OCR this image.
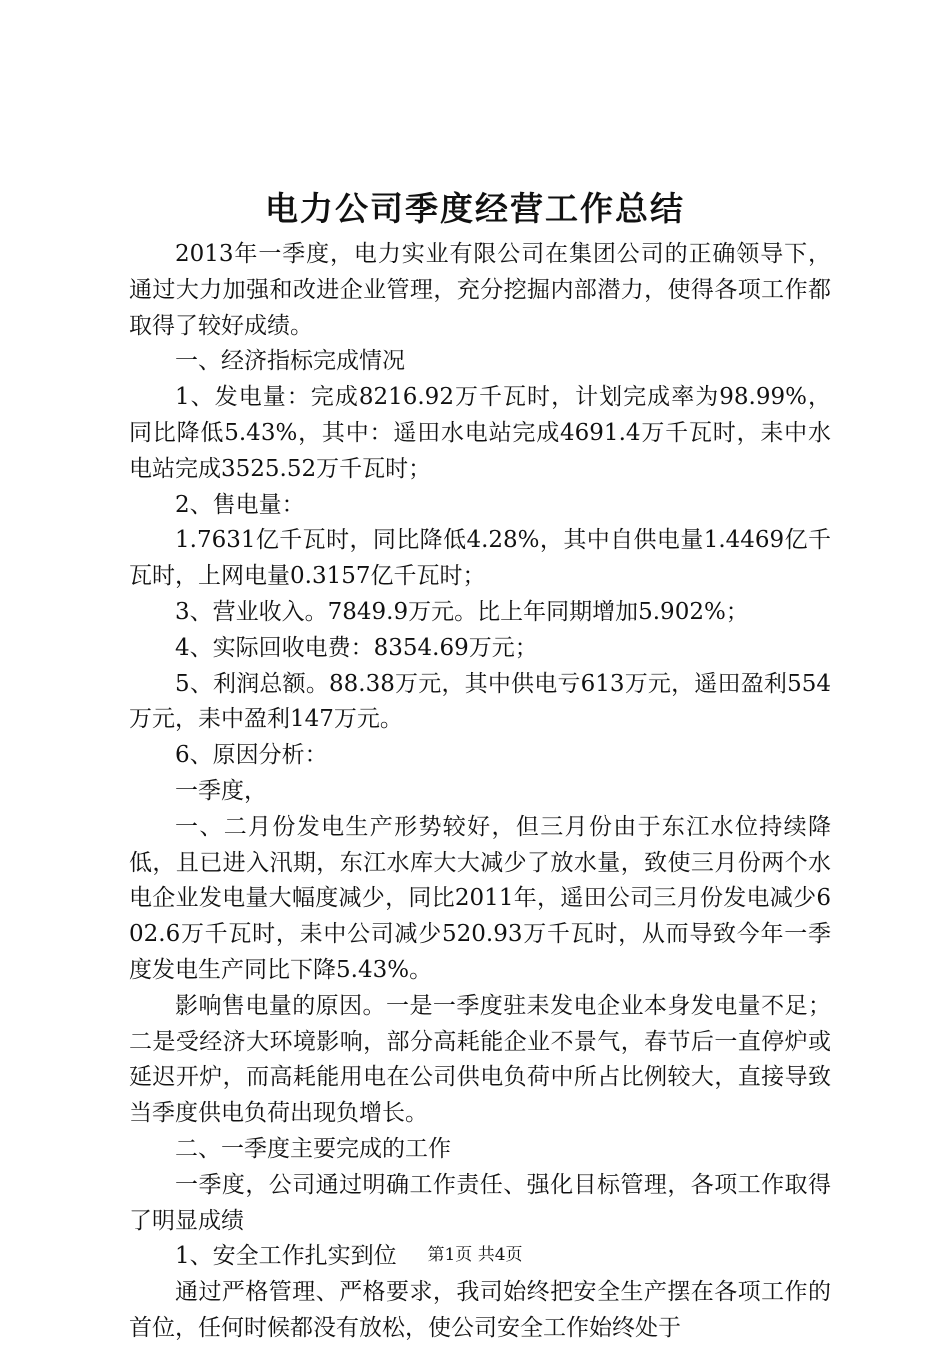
电力公司季度经营工作总结

2013年一季度，电力实业有限公司在集团公司的正确领导下，通过大力加强和改进企业管理，充分挖掘内部潜力，使得各项工作都取得了较好成绩。

一、经济指标完成情况

1、发电量：完成8216.92万千瓦时，计划完成率为98.99%，同比降低5.43%，其中：遥田水电站完成4691.4万千瓦时，耒中水电站完成3525.52万千瓦时；

2、售电量：

1.7631亿千瓦时，同比降低4.28%，其中自供电量1.4469亿千瓦时，上网电量0.3157亿千瓦时；

3、营业收入。7849.9万元。比上年同期增加5.902%；

4、实际回收电费：8354.69万元；

5、利润总额。88.38万元，其中供电亏613万元，遥田盈利554万元，耒中盈利147万元。

6、原因分析：

一季度，

一、二月份发电生产形势较好，但三月份由于东江水位持续降低，且已进入汛期，东江水库大大减少了放水量，致使三月份两个水电企业发电量大幅度减少，同比2011年，遥田公司三月份发电减少602.6万千瓦时，耒中公司减少520.93万千瓦时，从而导致今年一季度发电生产同比下降5.43%。

影响售电量的原因。一是一季度驻耒发电企业本身发电量不足；二是受经济大环境影响，部分高耗能企业不景气，春节后一直停炉或延迟开炉，而高耗能用电在公司供电负荷中所占比例较大，直接导致当季度供电负荷出现负增长。

二、一季度主要完成的工作

一季度，公司通过明确工作责任、强化目标管理，各项工作取得了明显成绩

1、安全工作扎实到位

通过严格管理、严格要求，我司始终把安全生产摆在各项工作的首位，任何时候都没有放松，使公司安全工作始终处于

第1页 共4页
